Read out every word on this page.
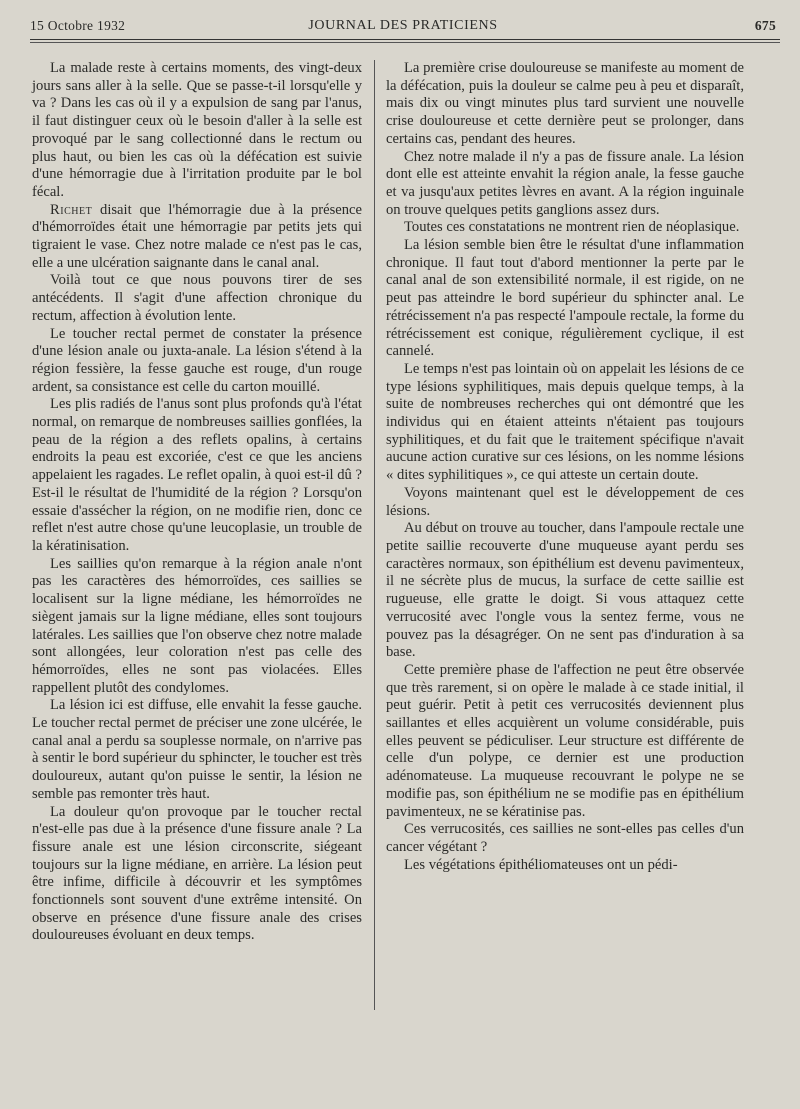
15 Octobre 1932	JOURNAL DES PRATICIENS	675

La malade reste à certains moments, des vingt-deux jours sans aller à la selle. Que se passe-t-il lorsqu'elle y va ? Dans les cas où il y a expulsion de sang par l'anus, il faut distinguer ceux où le besoin d'aller à la selle est provoqué par le sang collectionné dans le rectum ou plus haut, ou bien les cas où la défécation est suivie d'une hémorragie due à l'irritation produite par le bol fécal.

Richet disait que l'hémorragie due à la présence d'hémorroïdes était une hémorragie par petits jets qui tigraient le vase. Chez notre malade ce n'est pas le cas, elle a une ulcération saignante dans le canal anal.

Voilà tout ce que nous pouvons tirer de ses antécédents. Il s'agit d'une affection chronique du rectum, affection à évolution lente.

Le toucher rectal permet de constater la présence d'une lésion anale ou juxta-anale. La lésion s'étend à la région fessière, la fesse gauche est rouge, d'un rouge ardent, sa consistance est celle du carton mouillé.

Les plis radiés de l'anus sont plus profonds qu'à l'état normal, on remarque de nombreuses saillies gonflées, la peau de la région a des reflets opalins, à certains endroits la peau est excoriée, c'est ce que les anciens appelaient les ragades. Le reflet opalin, à quoi est-il dû ? Est-il le résultat de l'humidité de la région ? Lorsqu'on essaie d'assécher la région, on ne modifie rien, donc ce reflet n'est autre chose qu'une leucoplasie, un trouble de la kératinisation.

Les saillies qu'on remarque à la région anale n'ont pas les caractères des hémorroïdes, ces saillies se localisent sur la ligne médiane, les hémorroïdes ne siègent jamais sur la ligne médiane, elles sont toujours latérales. Les saillies que l'on observe chez notre malade sont allongées, leur coloration n'est pas celle des hémorroïdes, elles ne sont pas violacées. Elles rappellent plutôt des condylomes.

La lésion ici est diffuse, elle envahit la fesse gauche. Le toucher rectal permet de préciser une zone ulcérée, le canal anal a perdu sa souplesse normale, on n'arrive pas à sentir le bord supérieur du sphincter, le toucher est très douloureux, autant qu'on puisse le sentir, la lésion ne semble pas remonter très haut.

La douleur qu'on provoque par le toucher rectal n'est-elle pas due à la présence d'une fissure anale ? La fissure anale est une lésion circonscrite, siégeant toujours sur la ligne médiane, en arrière. La lésion peut être infime, difficile à découvrir et les symptômes fonctionnels sont souvent d'une extrême intensité. On observe en présence d'une fissure anale des crises douloureuses évoluant en deux temps.

La première crise douloureuse se manifeste au moment de la défécation, puis la douleur se calme peu à peu et disparaît, mais dix ou vingt minutes plus tard survient une nouvelle crise douloureuse et cette dernière peut se prolonger, dans certains cas, pendant des heures.

Chez notre malade il n'y a pas de fissure anale. La lésion dont elle est atteinte envahit la région anale, la fesse gauche et va jusqu'aux petites lèvres en avant. A la région inguinale on trouve quelques petits ganglions assez durs.

Toutes ces constatations ne montrent rien de néoplasique.

La lésion semble bien être le résultat d'une inflammation chronique. Il faut tout d'abord mentionner la perte par le canal anal de son extensibilité normale, il est rigide, on ne peut pas atteindre le bord supérieur du sphincter anal. Le rétrécissement n'a pas respecté l'ampoule rectale, la forme du rétrécissement est conique, régulièrement cyclique, il est cannelé.

Le temps n'est pas lointain où on appelait les lésions de ce type lésions syphilitiques, mais depuis quelque temps, à la suite de nombreuses recherches qui ont démontré que les individus qui en étaient atteints n'étaient pas toujours syphilitiques, et du fait que le traitement spécifique n'avait aucune action curative sur ces lésions, on les nomme lésions « dites syphilitiques », ce qui atteste un certain doute.

Voyons maintenant quel est le développement de ces lésions.

Au début on trouve au toucher, dans l'ampoule rectale une petite saillie recouverte d'une muqueuse ayant perdu ses caractères normaux, son épithélium est devenu pavimenteux, il ne sécrète plus de mucus, la surface de cette saillie est rugueuse, elle gratte le doigt. Si vous attaquez cette verrucosité avec l'ongle vous la sentez ferme, vous ne pouvez pas la désagréger. On ne sent pas d'induration à sa base.

Cette première phase de l'affection ne peut être observée que très rarement, si on opère le malade à ce stade initial, il peut guérir. Petit à petit ces verrucosités deviennent plus saillantes et elles acquièrent un volume considérable, puis elles peuvent se pédiculiser. Leur structure est différente de celle d'un polype, ce dernier est une production adénomateuse. La muqueuse recouvrant le polype ne se modifie pas, son épithélium ne se modifie pas en épithélium pavimenteux, ne se kératinise pas.

Ces verrucosités, ces saillies ne sont-elles pas celles d'un cancer végétant ?

Les végétations épithéliomateuses ont un pédi-
